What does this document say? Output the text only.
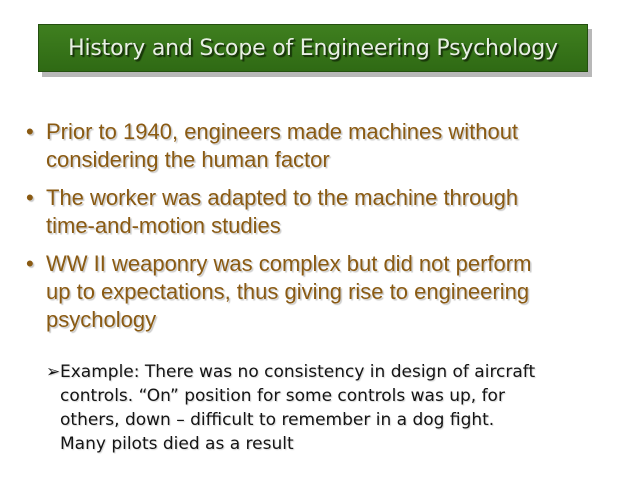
History and Scope of Engineering Psychology
• Prior to 1940, engineers made machines without
considering the human factor
• The worker was adapted to the machine through
time-and-motion studies
• WW II weaponry was complex but did not perform
up to expectations, thus giving rise to engineering
psychology
➢ Example: There was no consistency in design of aircraft
controls. “On” position for some controls was up, for
others, down – difficult to remember in a dog fight.
Many pilots died as a result
